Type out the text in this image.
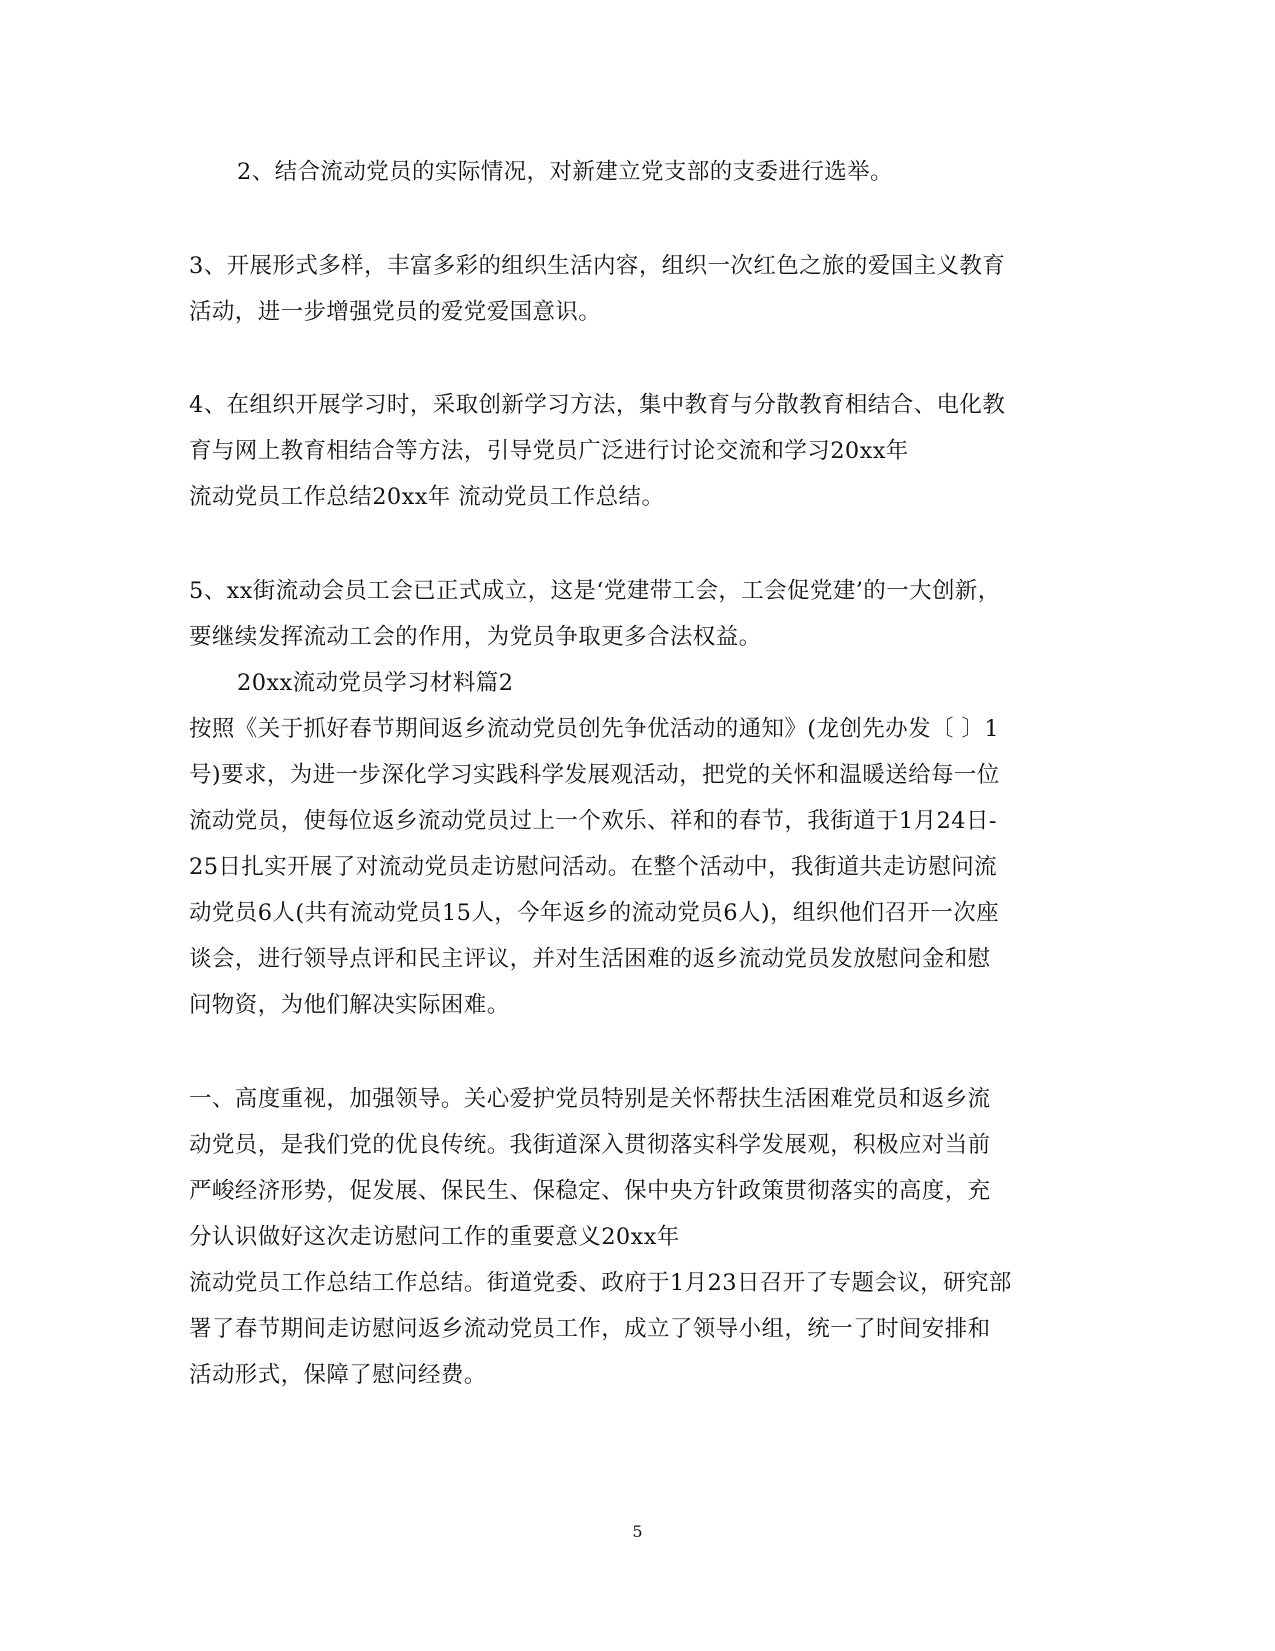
2、结合流动党员的实际情况，对新建立党支部的支委进行选举。
3、开展形式多样，丰富多彩的组织生活内容，组织一次红色之旅的爱国主义教育
活动，进一步增强党员的爱党爱国意识。
4、在组织开展学习时，采取创新学习方法，集中教育与分散教育相结合、电化教
育与网上教育相结合等方法，引导党员广泛进行讨论交流和学习20xx年
流动党员工作总结20xx年 流动党员工作总结。
5、xx街流动会员工会已正式成立，这是‘党建带工会，工会促党建’的一大创新，
要继续发挥流动工会的作用，为党员争取更多合法权益。
20xx流动党员学习材料篇2
按照《关于抓好春节期间返乡流动党员创先争优活动的通知》(龙创先办发〔 〕1
号)要求，为进一步深化学习实践科学发展观活动，把党的关怀和温暖送给每一位
流动党员，使每位返乡流动党员过上一个欢乐、祥和的春节，我街道于1月24日-
25日扎实开展了对流动党员走访慰问活动。在整个活动中，我街道共走访慰问流
动党员6人(共有流动党员15人，今年返乡的流动党员6人)，组织他们召开一次座
谈会，进行领导点评和民主评议，并对生活困难的返乡流动党员发放慰问金和慰
问物资，为他们解决实际困难。
一、高度重视，加强领导。关心爱护党员特别是关怀帮扶生活困难党员和返乡流
动党员，是我们党的优良传统。我街道深入贯彻落实科学发展观，积极应对当前
严峻经济形势，促发展、保民生、保稳定、保中央方针政策贯彻落实的高度，充
分认识做好这次走访慰问工作的重要意义20xx年
流动党员工作总结工作总结。街道党委、政府于1月23日召开了专题会议，研究部
署了春节期间走访慰问返乡流动党员工作，成立了领导小组，统一了时间安排和
活动形式，保障了慰问经费。
5
